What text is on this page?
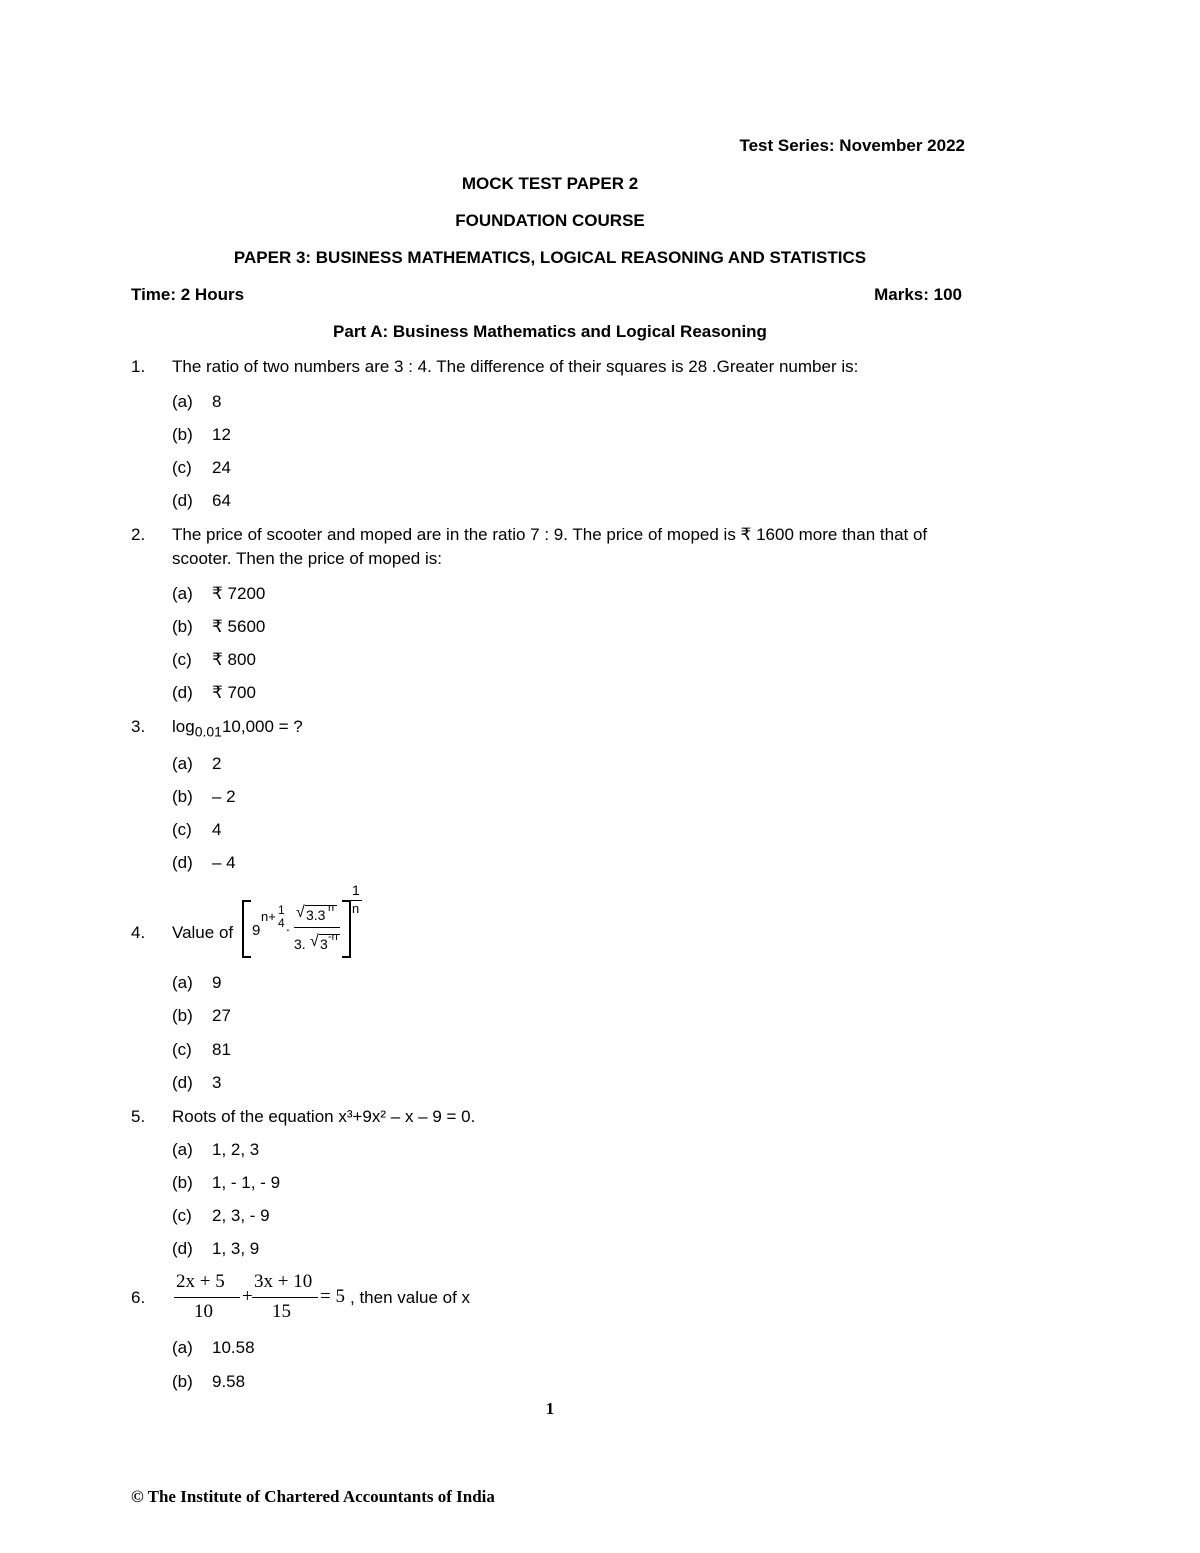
Test Series: November 2022
MOCK TEST PAPER 2
FOUNDATION COURSE
PAPER 3: BUSINESS MATHEMATICS, LOGICAL REASONING AND STATISTICS
Time: 2 Hours	Marks: 100
Part A: Business Mathematics and Logical Reasoning
1. The ratio of two numbers are 3 : 4. The difference of their squares is 28 .Greater number is:
(a) 8
(b) 12
(c) 24
(d) 64
2. The price of scooter and moped are in the ratio 7 : 9. The price of moped is ₹ 1600 more than that of
scooter. Then the price of moped is:
(a) ₹ 7200
(b) ₹ 5600
(c) ₹ 800
(d) ₹ 700
3. $\log_{0.01}10,000$ = ?
(a) 2
(b) – 2
(c) 4
(d) – 4
4. Value of 9
n+ 1
4 .
√ 3.3 n
3. √ 3 -n
1
n
(a) 9
(b) 27
(c) 81
(d) 3
5. Roots of the equation x³+9x² – x – 9 = 0.
(a) 1, 2, 3
(b) 1, - 1, - 9
(c) 2, 3, - 9
(d) 1, 3, 9
6.
2x + 5
10
+
3x + 10
15
= 5 , then value of x
(a) 10.58
(b) 9.58
1
© The Institute of Chartered Accountants of India
